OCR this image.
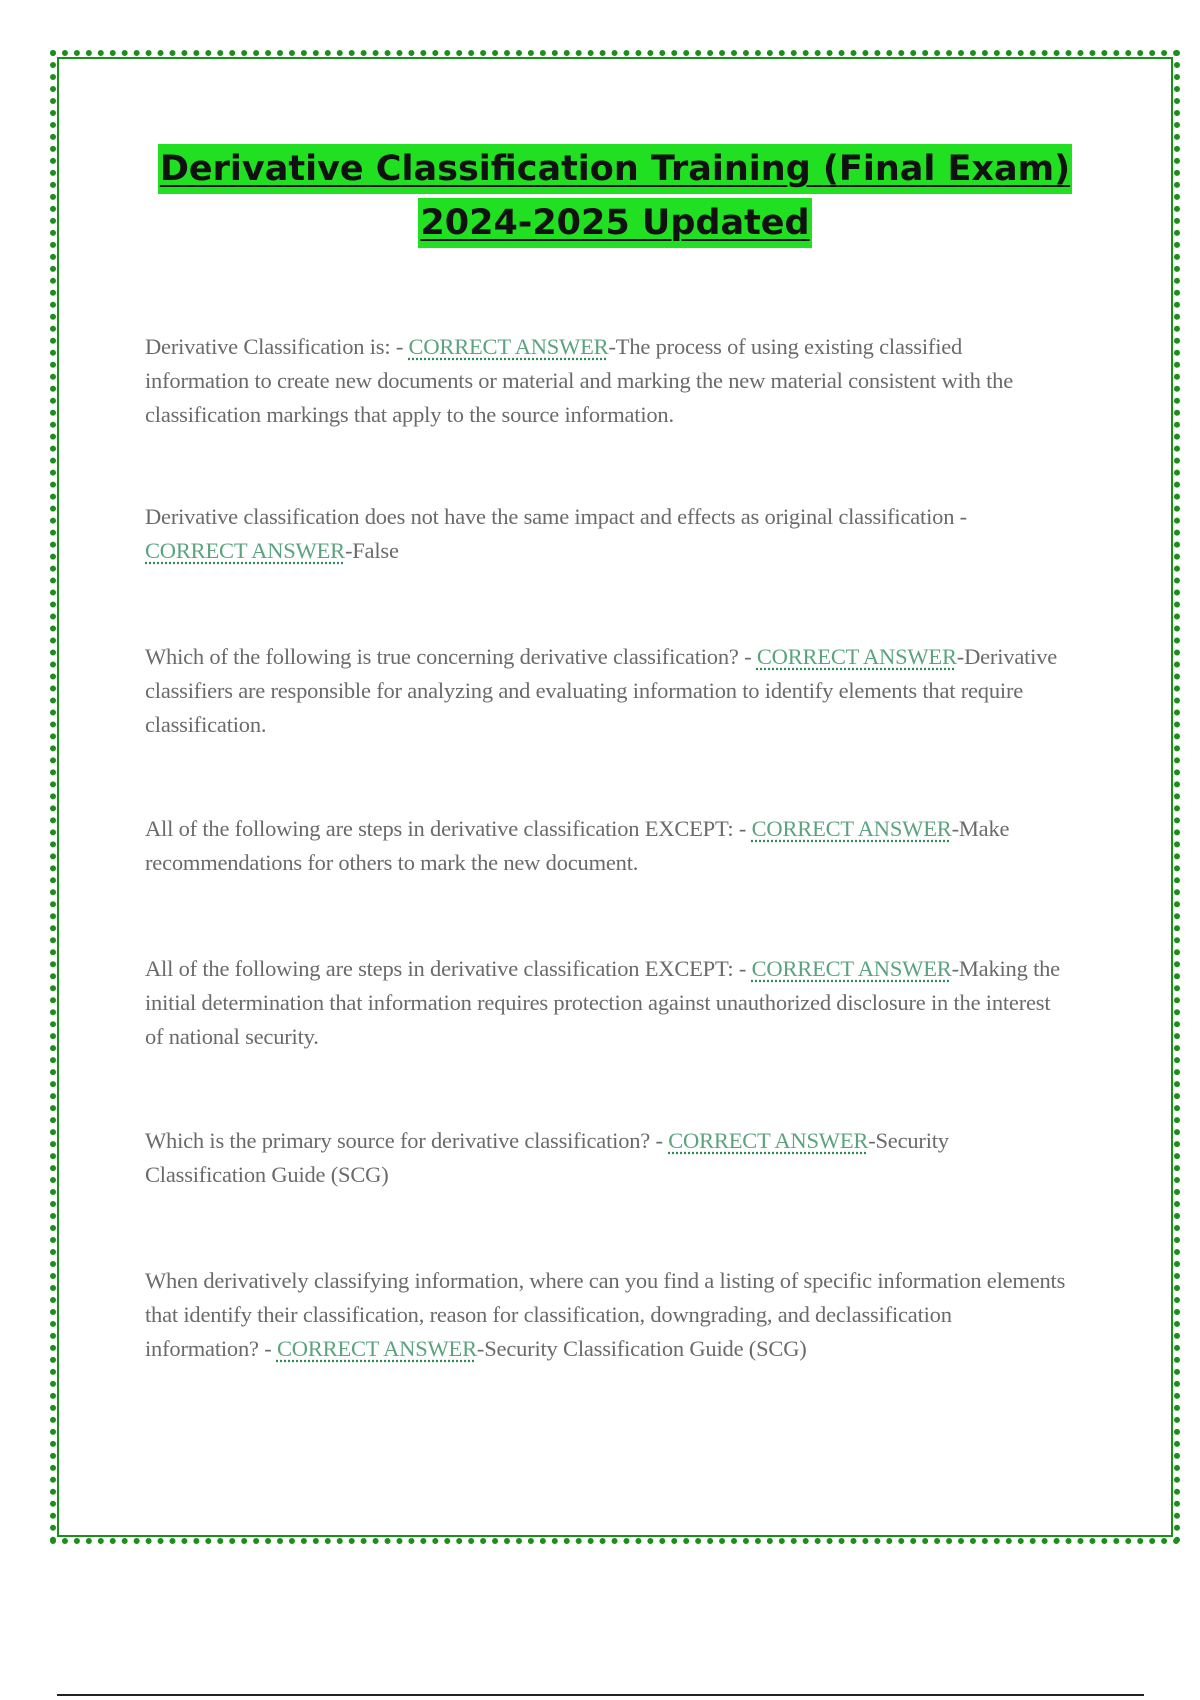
Derivative Classification Training (Final Exam)
2024-2025 Updated

Derivative Classification is: - CORRECT ANSWER-The process of using existing classified information to create new documents or material and marking the new material consistent with the classification markings that apply to the source information.

Derivative classification does not have the same impact and effects as original classification - CORRECT ANSWER-False

Which of the following is true concerning derivative classification? - CORRECT ANSWER-Derivative classifiers are responsible for analyzing and evaluating information to identify elements that require classification.

All of the following are steps in derivative classification EXCEPT: - CORRECT ANSWER-Make recommendations for others to mark the new document.

All of the following are steps in derivative classification EXCEPT: - CORRECT ANSWER-Making the initial determination that information requires protection against unauthorized disclosure in the interest of national security.

Which is the primary source for derivative classification? - CORRECT ANSWER-Security Classification Guide (SCG)

When derivatively classifying information, where can you find a listing of specific information elements that identify their classification, reason for classification, downgrading, and declassification information? - CORRECT ANSWER-Security Classification Guide (SCG)
